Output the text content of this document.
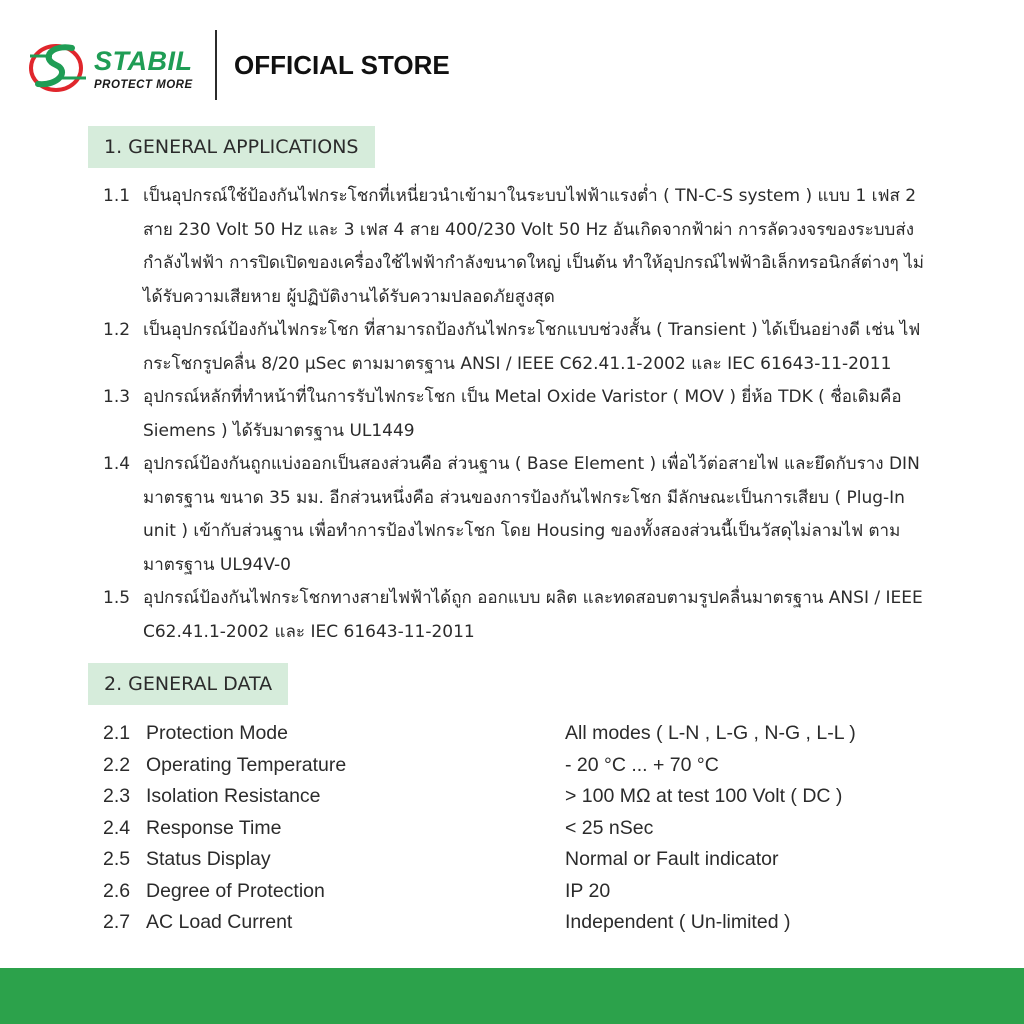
STABIL
PROTECT MORE
OFFICIAL STORE
1. GENERAL APPLICATIONS
1.1 เป็นอุปกรณ์ใช้ป้องกันไฟกระโชกที่เหนี่ยวนำเข้ามาในระบบไฟฟ้าแรงต่ำ ( TN-C-S system ) แบบ 1 เฟส 2 สาย 230 Volt 50 Hz และ 3 เฟส 4 สาย 400/230 Volt 50 Hz อันเกิดจากฟ้าผ่า การลัดวงจรของระบบส่งกำลังไฟฟ้า การปิดเปิดของเครื่องใช้ไฟฟ้ากำลังขนาดใหญ่ เป็นต้น ทำให้อุปกรณ์ไฟฟ้าอิเล็กทรอนิกส์ต่างๆ ไม่ได้รับความเสียหาย ผู้ปฏิบัติงานได้รับความปลอดภัยสูงสุด
1.2 เป็นอุปกรณ์ป้องกันไฟกระโชก ที่สามารถป้องกันไฟกระโชกแบบช่วงสั้น ( Transient ) ได้เป็นอย่างดี เช่น ไฟกระโชกรูปคลื่น 8/20 µSec ตามมาตรฐาน ANSI / IEEE C62.41.1-2002 และ IEC 61643-11-2011
1.3 อุปกรณ์หลักที่ทำหน้าที่ในการรับไฟกระโชก เป็น Metal Oxide Varistor ( MOV ) ยี่ห้อ TDK ( ชื่อเดิมคือ Siemens ) ได้รับมาตรฐาน UL1449
1.4 อุปกรณ์ป้องกันถูกแบ่งออกเป็นสองส่วนคือ ส่วนฐาน ( Base Element ) เพื่อไว้ต่อสายไฟ และยึดกับราง DIN มาตรฐาน ขนาด 35 มม. อีกส่วนหนึ่งคือ ส่วนของการป้องกันไฟกระโชก มีลักษณะเป็นการเสียบ ( Plug-In unit ) เข้ากับส่วนฐาน เพื่อทำการป้องไฟกระโชก โดย Housing ของทั้งสองส่วนนี้เป็นวัสดุไม่ลามไฟ ตามมาตรฐาน UL94V-0
1.5 อุปกรณ์ป้องกันไฟกระโชกทางสายไฟฟ้าได้ถูก ออกแบบ ผลิต และทดสอบตามรูปคลื่นมาตรฐาน ANSI / IEEE C62.41.1-2002 และ IEC 61643-11-2011
2. GENERAL DATA
2.1 Protection Mode	All modes ( L-N , L-G , N-G , L-L )
2.2 Operating Temperature	- 20 °C ... + 70 °C
2.3 Isolation Resistance	> 100 MΩ at test 100 Volt ( DC )
2.4 Response Time	< 25 nSec
2.5 Status Display	Normal or Fault indicator
2.6 Degree of Protection	IP 20
2.7 AC Load Current	Independent ( Un-limited )
